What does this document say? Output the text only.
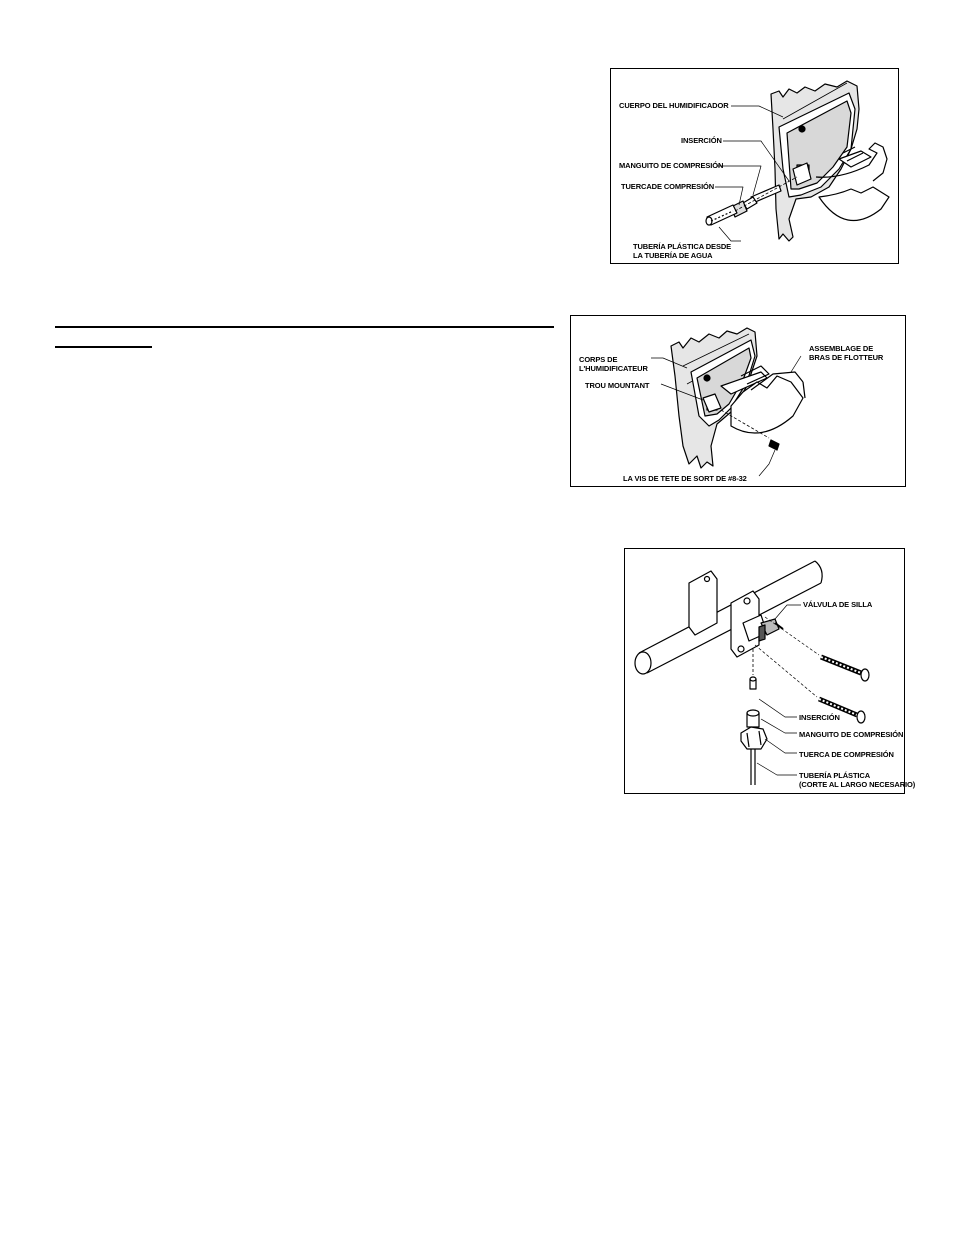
CUERPO DEL HUMIDIFICADOR
INSERCIÓN
MANGUITO DE COMPRESIÓN
TUERCADE COMPRESIÓN
TUBERÍA PLÁSTICA DESDE
LA TUBERÍA DE AGUA
CORPS DE
L'HUMIDIFICATEUR
TROU MOUNTANT
ASSEMBLAGE DE
BRAS DE FLOTTEUR
LA VIS DE TETE DE SORT DE #8-32
VÁLVULA DE SILLA
INSERCIÓN
MANGUITO DE COMPRESIÓN
TUERCA DE COMPRESIÓN
TUBERÍA PLÁSTICA
(CORTE AL LARGO NECESARIO)
